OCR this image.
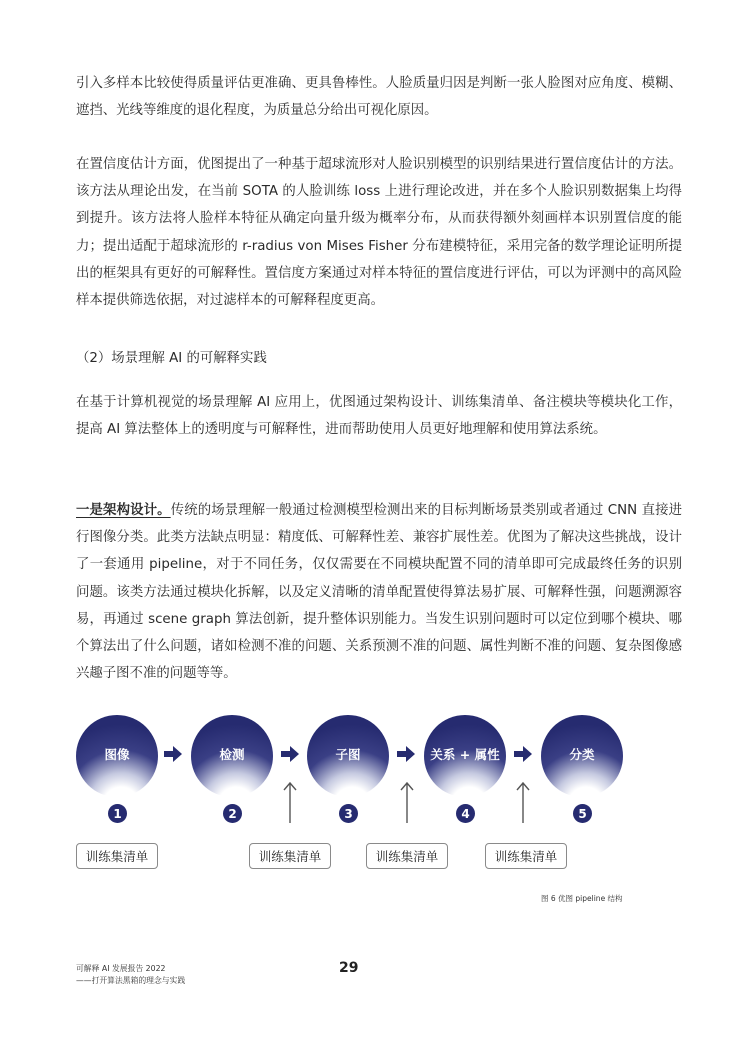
引入多样本比较使得质量评估更准确、更具鲁棒性。人脸质量归因是判断一张人脸图对应角度、模糊、遮挡、光线等维度的退化程度，为质量总分给出可视化原因。

在置信度估计方面，优图提出了一种基于超球流形对人脸识别模型的识别结果进行置信度估计的方法。该方法从理论出发，在当前 SOTA 的人脸训练 loss 上进行理论改进，并在多个人脸识别数据集上均得到提升。该方法将人脸样本特征从确定向量升级为概率分布，从而获得额外刻画样本识别置信度的能力；提出适配于超球流形的 r-radius von Mises Fisher 分布建模特征，采用完备的数学理论证明所提出的框架具有更好的可解释性。置信度方案通过对样本特征的置信度进行评估，可以为评测中的高风险样本提供筛选依据，对过滤样本的可解释程度更高。

（2）场景理解 AI 的可解释实践

在基于计算机视觉的场景理解 AI 应用上，优图通过架构设计、训练集清单、备注模块等模块化工作，提高 AI 算法整体上的透明度与可解释性，进而帮助使用人员更好地理解和使用算法系统。

一是架构设计。传统的场景理解一般通过检测模型检测出来的目标判断场景类别或者通过 CNN 直接进行图像分类。此类方法缺点明显：精度低、可解释性差、兼容扩展性差。优图为了解决这些挑战，设计了一套通用 pipeline，对于不同任务，仅仅需要在不同模块配置不同的清单即可完成最终任务的识别问题。该类方法通过模块化拆解，以及定义清晰的清单配置使得算法易扩展、可解释性强，问题溯源容易，再通过 scene graph 算法创新，提升整体识别能力。当发生识别问题时可以定位到哪个模块、哪个算法出了什么问题，诸如检测不准的问题、关系预测不准的问题、属性判断不准的问题、复杂图像感兴趣子图不准的问题等等。

图像	检测	子图	关系 + 属性	分类
1	2	3	4	5
训练集清单	训练集清单	训练集清单	训练集清单
图 6 优图 pipeline 结构
可解释 AI 发展报告 2022
——打开算法黑箱的理念与实践
29
